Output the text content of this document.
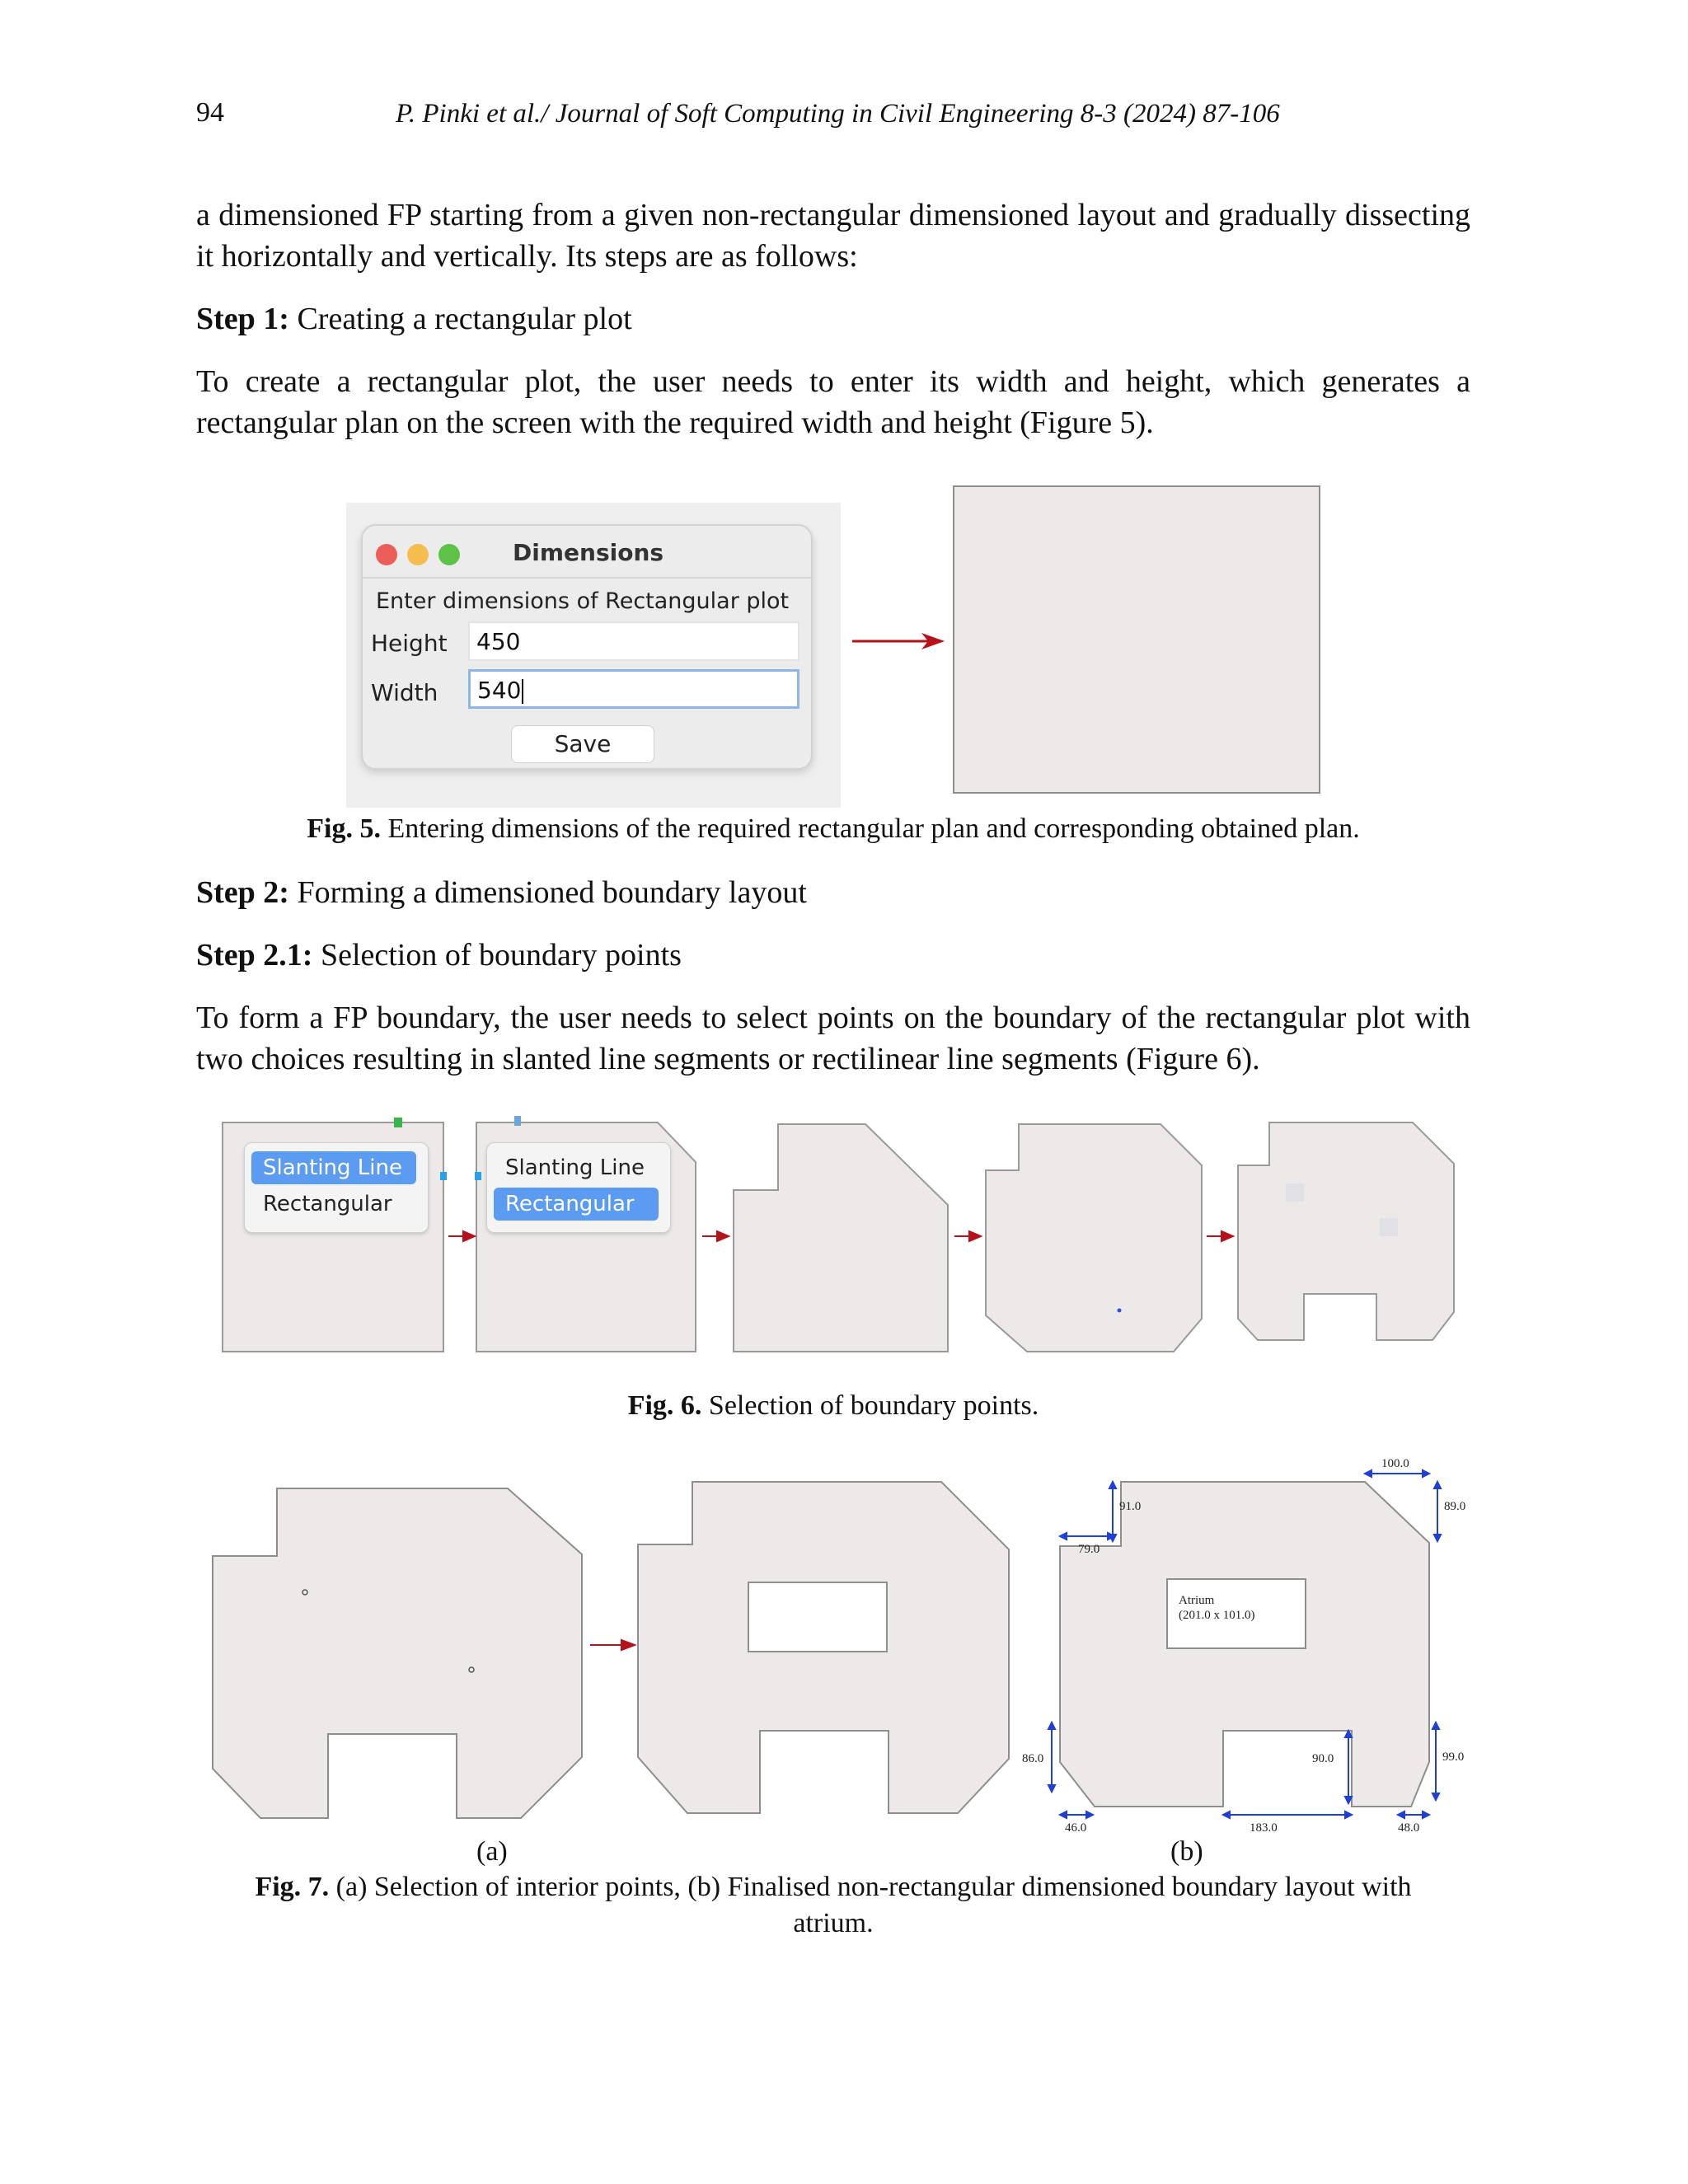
94	P. Pinki et al./ Journal of Soft Computing in Civil Engineering 8-3 (2024) 87-106
a dimensioned FP starting from a given non-rectangular dimensioned layout and gradually dissecting it horizontally and vertically. Its steps are as follows:
Step 1: Creating a rectangular plot
To create a rectangular plot, the user needs to enter its width and height, which generates a rectangular plan on the screen with the required width and height (Figure 5).
Dimensions
Enter dimensions of Rectangular plot
Height	450
Width	540
Save
Fig. 5. Entering dimensions of the required rectangular plan and corresponding obtained plan.
Step 2: Forming a dimensioned boundary layout
Step 2.1: Selection of boundary points
To form a FP boundary, the user needs to select points on the boundary of the rectangular plot with two choices resulting in slanted line segments or rectilinear line segments (Figure 6).
Slanting Line
Rectangular
Slanting Line
Rectangular
Fig. 6. Selection of boundary points.
Atrium
(201.0 x 101.0)
100.0
91.0	89.0
79.0
86.0	90.0	99.0
46.0	183.0	48.0
(a)	(b)
Fig. 7. (a) Selection of interior points, (b) Finalised non-rectangular dimensioned boundary layout with atrium.
